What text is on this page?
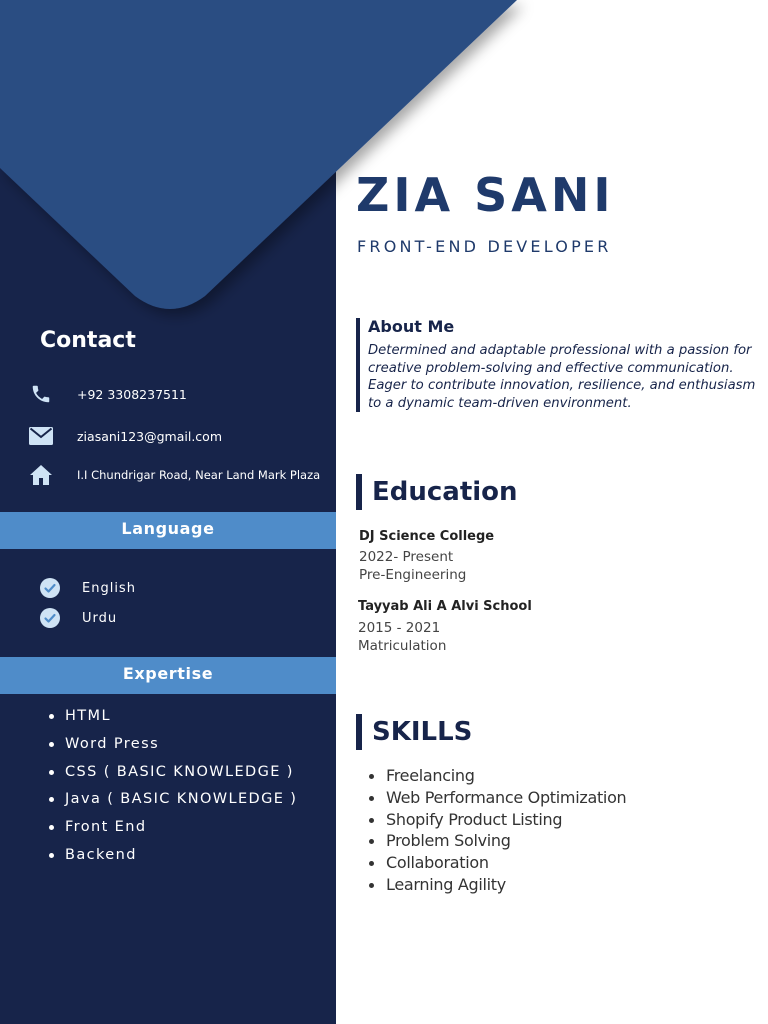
ZIA SANI
FRONT-END DEVELOPER
Contact
+92 3308237511
ziasani123@gmail.com
I.I Chundrigar Road, Near Land Mark Plaza
Language
English
Urdu
Expertise
HTML
Word Press
CSS ( BASIC KNOWLEDGE )
Java ( BASIC KNOWLEDGE )
Front End
Backend
About Me
Determined and adaptable professional with a passion for
creative problem-solving and effective communication.
Eager to contribute innovation, resilience, and enthusiasm
to a dynamic team-driven environment.
Education
DJ Science College
2022- Present
Pre-Engineering
Tayyab Ali A Alvi School
2015 - 2021
Matriculation
SKILLS
Freelancing
Web Performance Optimization
Shopify Product Listing
Problem Solving
Collaboration
Learning Agility
